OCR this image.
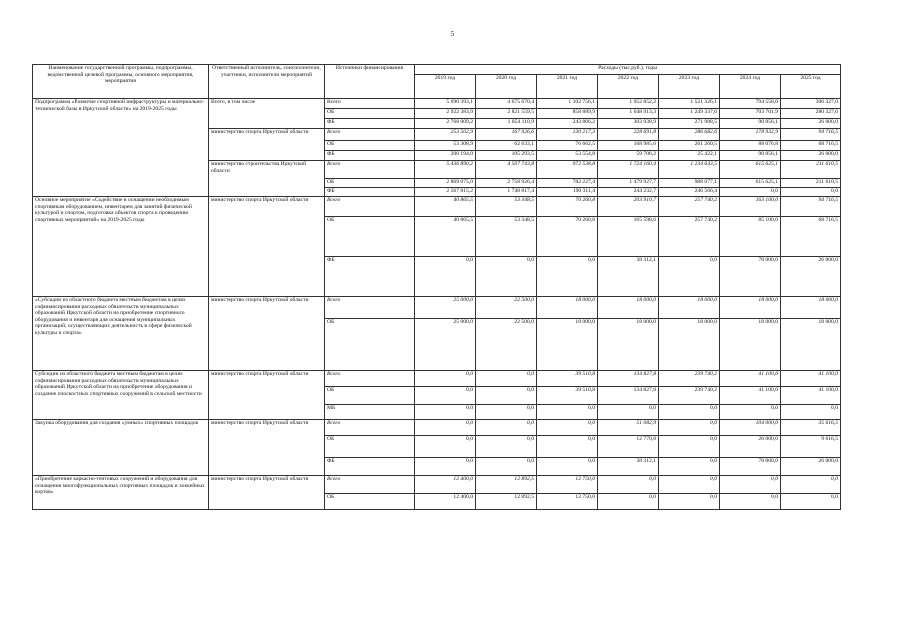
5
Наименование государственной программы, подпрограммы, ведомственной целевой программы, основного мероприятия, мероприятия	Ответственный исполнитель, соисполнители, участники, исполнители мероприятий	Источники финансирования	Расходы (тыс.руб.), годы						
			2019 год	2020 год	2021 год	2022 год	2023 год	2024 год	2025 год
Подпрограмма «Развитие спортивной инфраструктуры и материально-технической базы в Иркутской области» на 2019-2025 годы	Всего, в том числе	Всего	5 690 393,1	4 675 670,4	1 102 756,1	1 952 852,2	1 521 326,1	794 558,0	306 327,0
		ОБ	2 922 383,9	2 821 559,5	858 889,9	1 648 913,3	1 249 337,6	703 701,9	280 327,0
		ФБ	2 768 009,2	1 854 110,9	243 866,2	303 938,9	271 988,5	90 856,1	26 000,0
	министерство спорта Иркутской области	Всего	253 502,9	167 926,6	130 217,3	228 691,8	286 682,6	178 932,9	94 716,5
		ОБ	53 308,9	62 633,1	76 662,5	168 985,6	261 260,5	88 076,8	68 716,5
		ФБ	200 194,0	105 293,5	53 554,8	59 706,2	25 422,1	90 856,1	26 000,0
	министерство строительства Иркутской области	Всего	5 436 890,2	4 507 743,8	972 538,8	1 724 160,4	1 234 643,5	615 625,1	211 610,5
		ОБ	2 869 075,0	2 758 926,4	782 227,4	1 479 927,7	988 077,1	615 625,1	211 610,5
		ФБ	2 567 815,2	1 748 817,4	190 311,4	244 232,7	246 566,4	0,0	0,0
Основное мероприятие «Содействие в оснащении необходимым спортивным оборудованием, инвентарем для занятий физической культурой и спортом, подготовка объектов спорта к проведению спортивных мероприятий» на 2019-2025 годы	министерство спорта Иркутской области	Всего	40 865,5	53 348,5	70 260,8	203 910,7	257 740,2	163 100,0	94 716,5
		ОБ	40 865,5	53 348,5	70 260,8	165 598,6	257 740,2	85 100,0	68 716,5
		ФБ	0,0	0,0	0,0	38 312,1	0,0	78 000,0	26 000,0
«Субсидии из областного бюджета местным бюджетам в целях софинансирования расходных обязательств муниципальных образований Иркутской области на приобретение спортивного оборудования и инвентаря для оснащения муниципальных организаций, осуществляющих деятельность в сфере физической культуры и спорта»	министерство спорта Иркутской области	Всего	25 000,0	22 500,0	18 000,0	18 000,0	18 000,0	18 000,0	18 000,0
		ОБ	25 000,0	22 500,0	18 000,0	18 000,0	18 000,0	18 000,0	18 000,0
Субсидии из областного бюджета местным бюджетам в целях софинансирования расходных обязательств муниципальных образований Иркутской области на приобретение оборудования и создание плоскостных спортивных сооружений в сельской местности	министерство спорта Иркутской области	Всего	0,0	0,0	39 510,8	134 827,8	239 740,2	41 100,0	41 100,0
		ОБ	0,0	0,0	39 510,8	134 827,8	239 740,2	41 100,0	41 100,0
		МБ	0,0	0,0	0,0	0,0	0,0	0,0	0,0
Закупка оборудования для создания «умных» спортивных площадок	министерство спорта Иркутской области	Всего	0,0	0,0	0,0	51 082,9	0,0	104 000,0	35 616,5
		ОБ	0,0	0,0	0,0	12 770,8	0,0	26 000,0	9 616,5
		ФБ	0,0	0,0	0,0	38 312,1	0,0	78 000,0	26 000,0
«Приобретение каркасно-тентовых сооружений и оборудования для оснащения многофункциональных спортивных площадок и хоккейных кортов»	министерство спорта Иркутской области	Всего	12 400,0	12 892,5	12 750,0	0,0	0,0	0,0	0,0
		ОБ	12 400,0	12 892,5	12 750,0	0,0	0,0	0,0	0,0
